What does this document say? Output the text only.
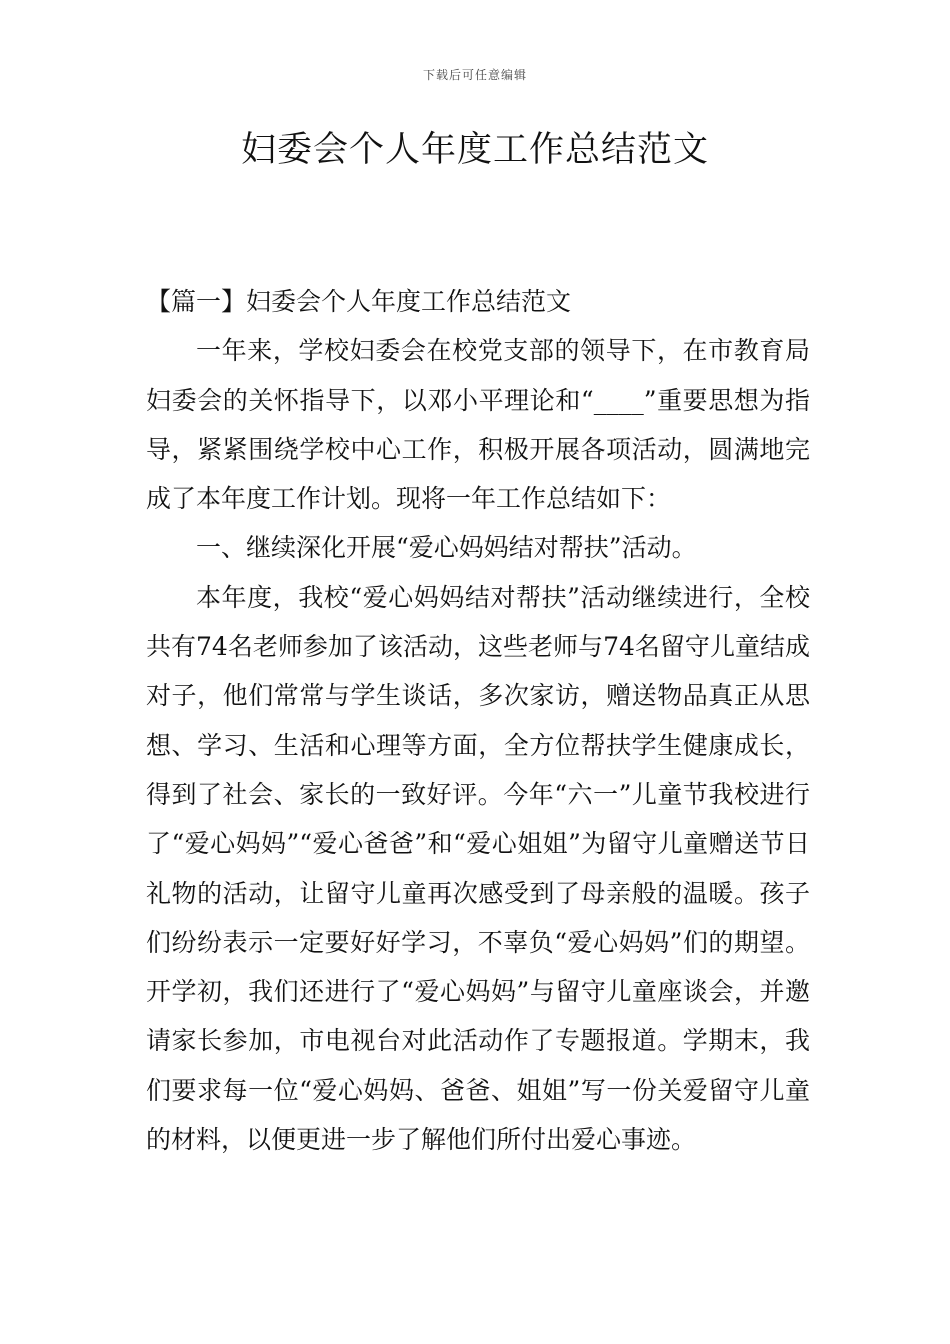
下载后可任意编辑
妇委会个人年度工作总结范文

【篇一】妇委会个人年度工作总结范文

一年来，学校妇委会在校党支部的领导下，在市教育局妇委会的关怀指导下，以邓小平理论和“____”重要思想为指导，紧紧围绕学校中心工作，积极开展各项活动，圆满地完成了本年度工作计划。现将一年工作总结如下：

一、继续深化开展“爱心妈妈结对帮扶”活动。

本年度，我校“爱心妈妈结对帮扶”活动继续进行，全校共有74名老师参加了该活动，这些老师与74名留守儿童结成对子，他们常常与学生谈话，多次家访，赠送物品真正从思想、学习、生活和心理等方面，全方位帮扶学生健康成长，得到了社会、家长的一致好评。今年“六一”儿童节我校进行了“爱心妈妈”“爱心爸爸”和“爱心姐姐”为留守儿童赠送节日礼物的活动，让留守儿童再次感受到了母亲般的温暖。孩子们纷纷表示一定要好好学习，不辜负“爱心妈妈”们的期望。开学初，我们还进行了“爱心妈妈”与留守儿童座谈会，并邀请家长参加，市电视台对此活动作了专题报道。学期末，我们要求每一位“爱心妈妈、爸爸、姐姐”写一份关爱留守儿童的材料，以便更进一步了解他们所付出爱心事迹。
